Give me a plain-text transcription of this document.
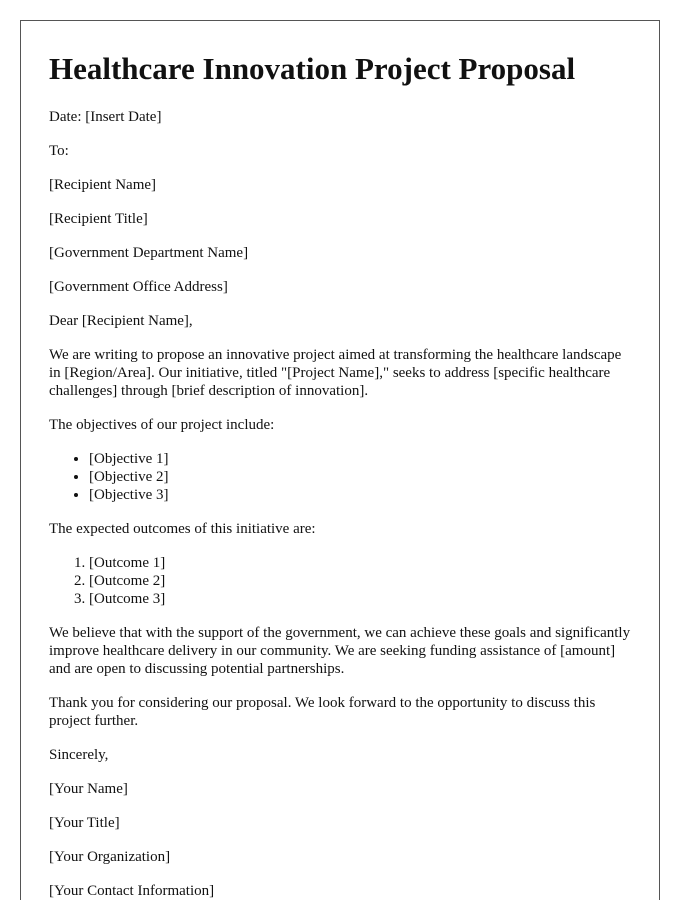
Healthcare Innovation Project Proposal

Date: [Insert Date]

To:

[Recipient Name]

[Recipient Title]

[Government Department Name]

[Government Office Address]

Dear [Recipient Name],

We are writing to propose an innovative project aimed at transforming the healthcare landscape in [Region/Area]. Our initiative, titled "[Project Name]," seeks to address [specific healthcare challenges] through [brief description of innovation].

The objectives of our project include:

• [Objective 1]
• [Objective 2]
• [Objective 3]

The expected outcomes of this initiative are:

1. [Outcome 1]
2. [Outcome 2]
3. [Outcome 3]

We believe that with the support of the government, we can achieve these goals and significantly improve healthcare delivery in our community. We are seeking funding assistance of [amount] and are open to discussing potential partnerships.

Thank you for considering our proposal. We look forward to the opportunity to discuss this project further.

Sincerely,

[Your Name]

[Your Title]

[Your Organization]

[Your Contact Information]
